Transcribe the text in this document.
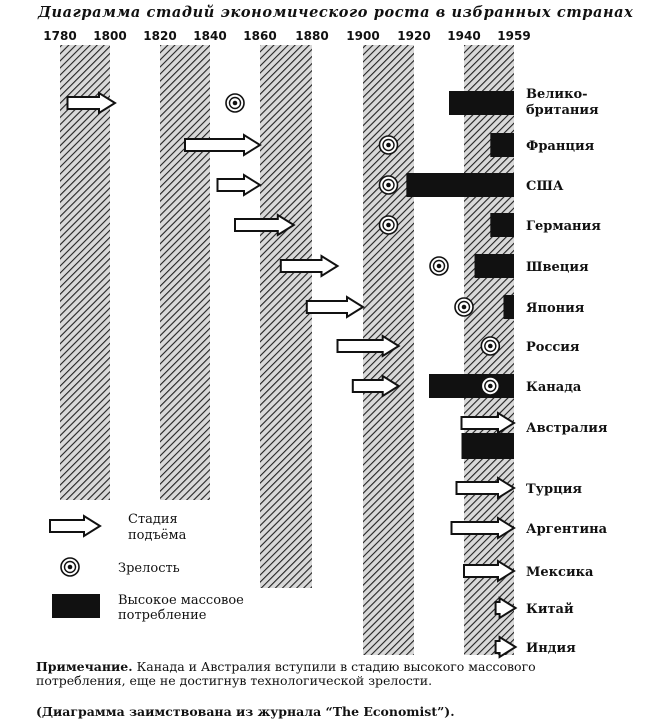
Диаграмма стадий экономического роста в избранных странах
1780 1800 1820 1840 1860 1880 1900 1920 1940 1959
Велико-
британия
Франция
США
Германия
Швеция
Япония
Россия
Канада
Австралия
Турция
Аргентина
Мексика
Китай
Индия
Стадия
подъёма
Зрелость
Высокое массовое
потребление
Примечание. Канада и Австралия вступили в стадию высокого массового потребления, еще не достигнув технологической зрелости.
(Диаграмма заимствована из журнала “The Economist”).
